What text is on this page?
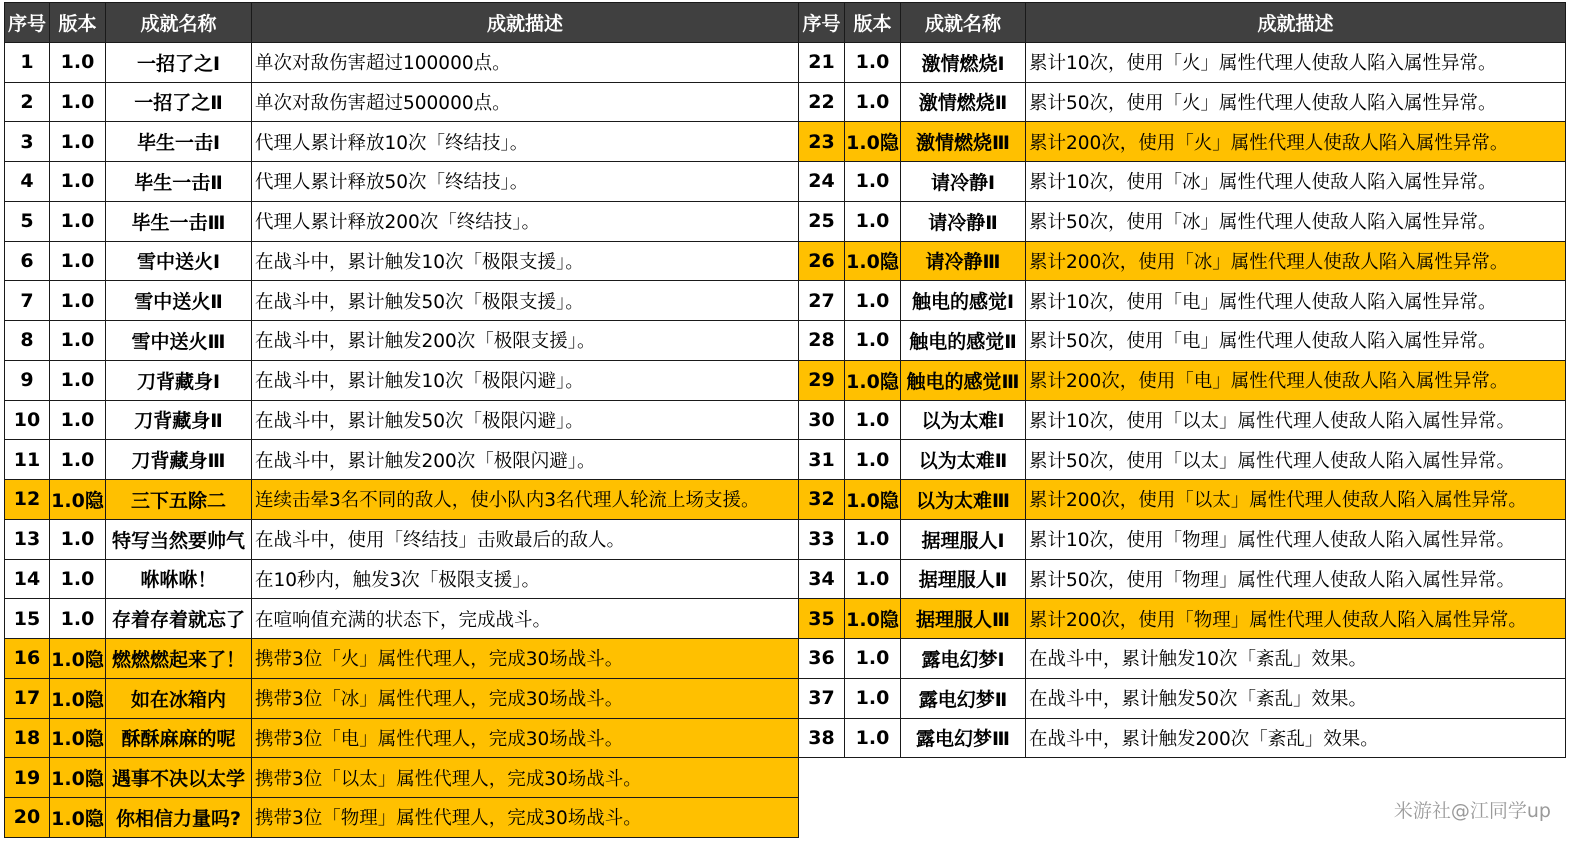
序号	版本	成就名称	成就描述	序号	版本	成就名称	成就描述
1	1.0	一招了之Ⅰ	单次对敌伤害超过100000点。	21	1.0	激情燃烧Ⅰ	累计10次，使用「火」属性代理人使敌人陷入属性异常。
2	1.0	一招了之Ⅱ	单次对敌伤害超过500000点。	22	1.0	激情燃烧Ⅱ	累计50次，使用「火」属性代理人使敌人陷入属性异常。
3	1.0	毕生一击Ⅰ	代理人累计释放10次「终结技」。	23	1.0隐	激情燃烧Ⅲ	累计200次，使用「火」属性代理人使敌人陷入属性异常。
4	1.0	毕生一击Ⅱ	代理人累计释放50次「终结技」。	24	1.0	请冷静Ⅰ	累计10次，使用「冰」属性代理人使敌人陷入属性异常。
5	1.0	毕生一击Ⅲ	代理人累计释放200次「终结技」。	25	1.0	请冷静Ⅱ	累计50次，使用「冰」属性代理人使敌人陷入属性异常。
6	1.0	雪中送火Ⅰ	在战斗中，累计触发10次「极限支援」。	26	1.0隐	请冷静Ⅲ	累计200次，使用「冰」属性代理人使敌人陷入属性异常。
7	1.0	雪中送火Ⅱ	在战斗中，累计触发50次「极限支援」。	27	1.0	触电的感觉Ⅰ	累计10次，使用「电」属性代理人使敌人陷入属性异常。
8	1.0	雪中送火Ⅲ	在战斗中，累计触发200次「极限支援」。	28	1.0	触电的感觉Ⅱ	累计50次，使用「电」属性代理人使敌人陷入属性异常。
9	1.0	刀背藏身Ⅰ	在战斗中，累计触发10次「极限闪避」。	29	1.0隐	触电的感觉Ⅲ	累计200次，使用「电」属性代理人使敌人陷入属性异常。
10	1.0	刀背藏身Ⅱ	在战斗中，累计触发50次「极限闪避」。	30	1.0	以为太难Ⅰ	累计10次，使用「以太」属性代理人使敌人陷入属性异常。
11	1.0	刀背藏身Ⅲ	在战斗中，累计触发200次「极限闪避」。	31	1.0	以为太难Ⅱ	累计50次，使用「以太」属性代理人使敌人陷入属性异常。
12	1.0隐	三下五除二	连续击晕3名不同的敌人，使小队内3名代理人轮流上场支援。	32	1.0隐	以为太难Ⅲ	累计200次，使用「以太」属性代理人使敌人陷入属性异常。
13	1.0	特写当然要帅气	在战斗中，使用「终结技」击败最后的敌人。	33	1.0	据理服人Ⅰ	累计10次，使用「物理」属性代理人使敌人陷入属性异常。
14	1.0	咻咻咻！	在10秒内，触发3次「极限支援」。	34	1.0	据理服人Ⅱ	累计50次，使用「物理」属性代理人使敌人陷入属性异常。
15	1.0	存着存着就忘了	在喧响值充满的状态下，完成战斗。	35	1.0隐	据理服人Ⅲ	累计200次，使用「物理」属性代理人使敌人陷入属性异常。
16	1.0隐	燃燃燃起来了！	携带3位「火」属性代理人，完成30场战斗。	36	1.0	露电幻梦Ⅰ	在战斗中，累计触发10次「紊乱」效果。
17	1.0隐	如在冰箱内	携带3位「冰」属性代理人，完成30场战斗。	37	1.0	露电幻梦Ⅱ	在战斗中，累计触发50次「紊乱」效果。
18	1.0隐	酥酥麻麻的呢	携带3位「电」属性代理人，完成30场战斗。	38	1.0	露电幻梦Ⅲ	在战斗中，累计触发200次「紊乱」效果。
19	1.0隐	遇事不决以太学	携带3位「以太」属性代理人，完成30场战斗。				
20	1.0隐	你相信力量吗?	携带3位「物理」属性代理人，完成30场战斗。					米游社@江同学up
